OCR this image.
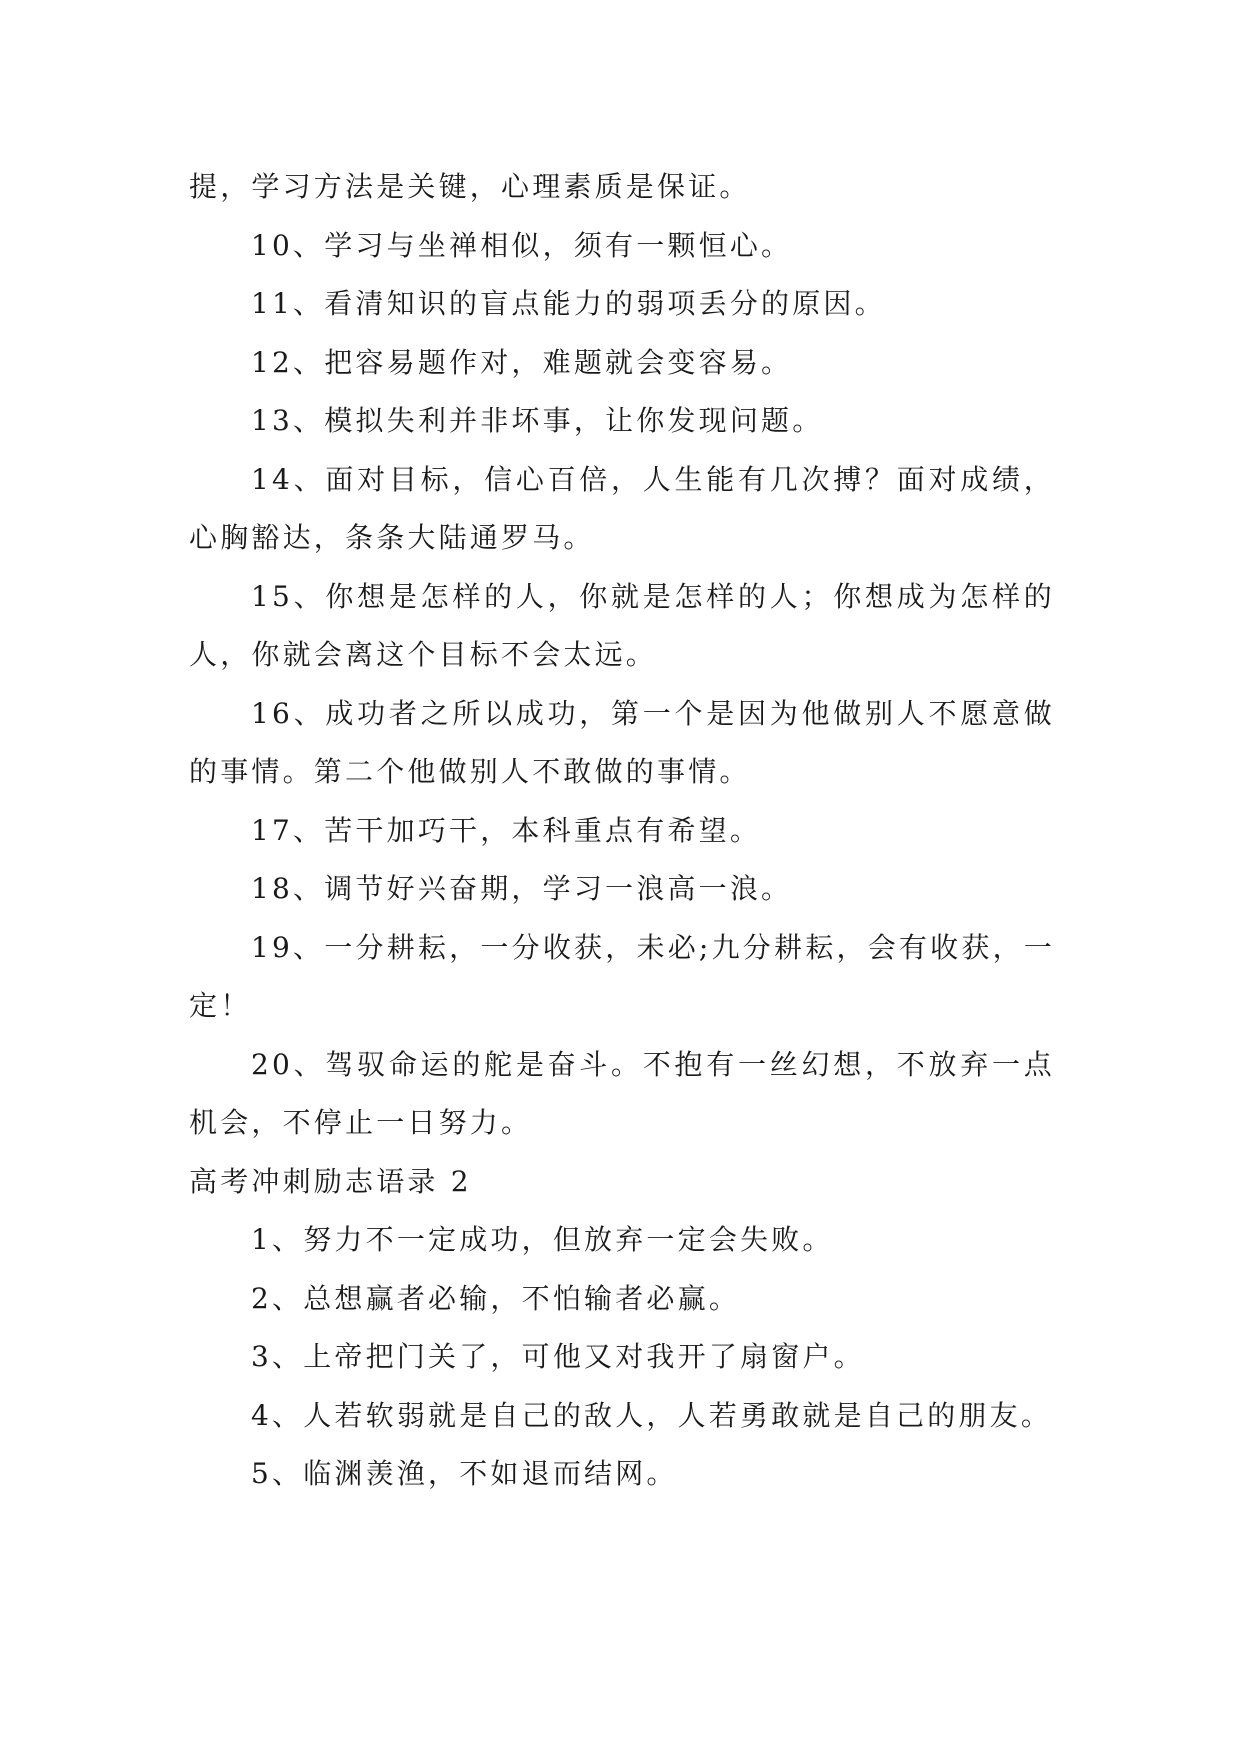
提，学习方法是关键，心理素质是保证。

10、学习与坐禅相似，须有一颗恒心。

11、看清知识的盲点能力的弱项丢分的原因。

12、把容易题作对，难题就会变容易。

13、模拟失利并非坏事，让你发现问题。

14、面对目标，信心百倍，人生能有几次搏？面对成绩，心胸豁达，条条大陆通罗马。

15、你想是怎样的人，你就是怎样的人；你想成为怎样的人，你就会离这个目标不会太远。

16、成功者之所以成功，第一个是因为他做别人不愿意做的事情。第二个他做别人不敢做的事情。

17、苦干加巧干，本科重点有希望。

18、调节好兴奋期，学习一浪高一浪。

19、一分耕耘，一分收获，未必;九分耕耘，会有收获，一定！

20、驾驭命运的舵是奋斗。不抱有一丝幻想，不放弃一点机会，不停止一日努力。

高考冲刺励志语录 2

1、努力不一定成功，但放弃一定会失败。

2、总想赢者必输，不怕输者必赢。

3、上帝把门关了，可他又对我开了扇窗户。

4、人若软弱就是自己的敌人，人若勇敢就是自己的朋友。

5、临渊羡渔，不如退而结网。
